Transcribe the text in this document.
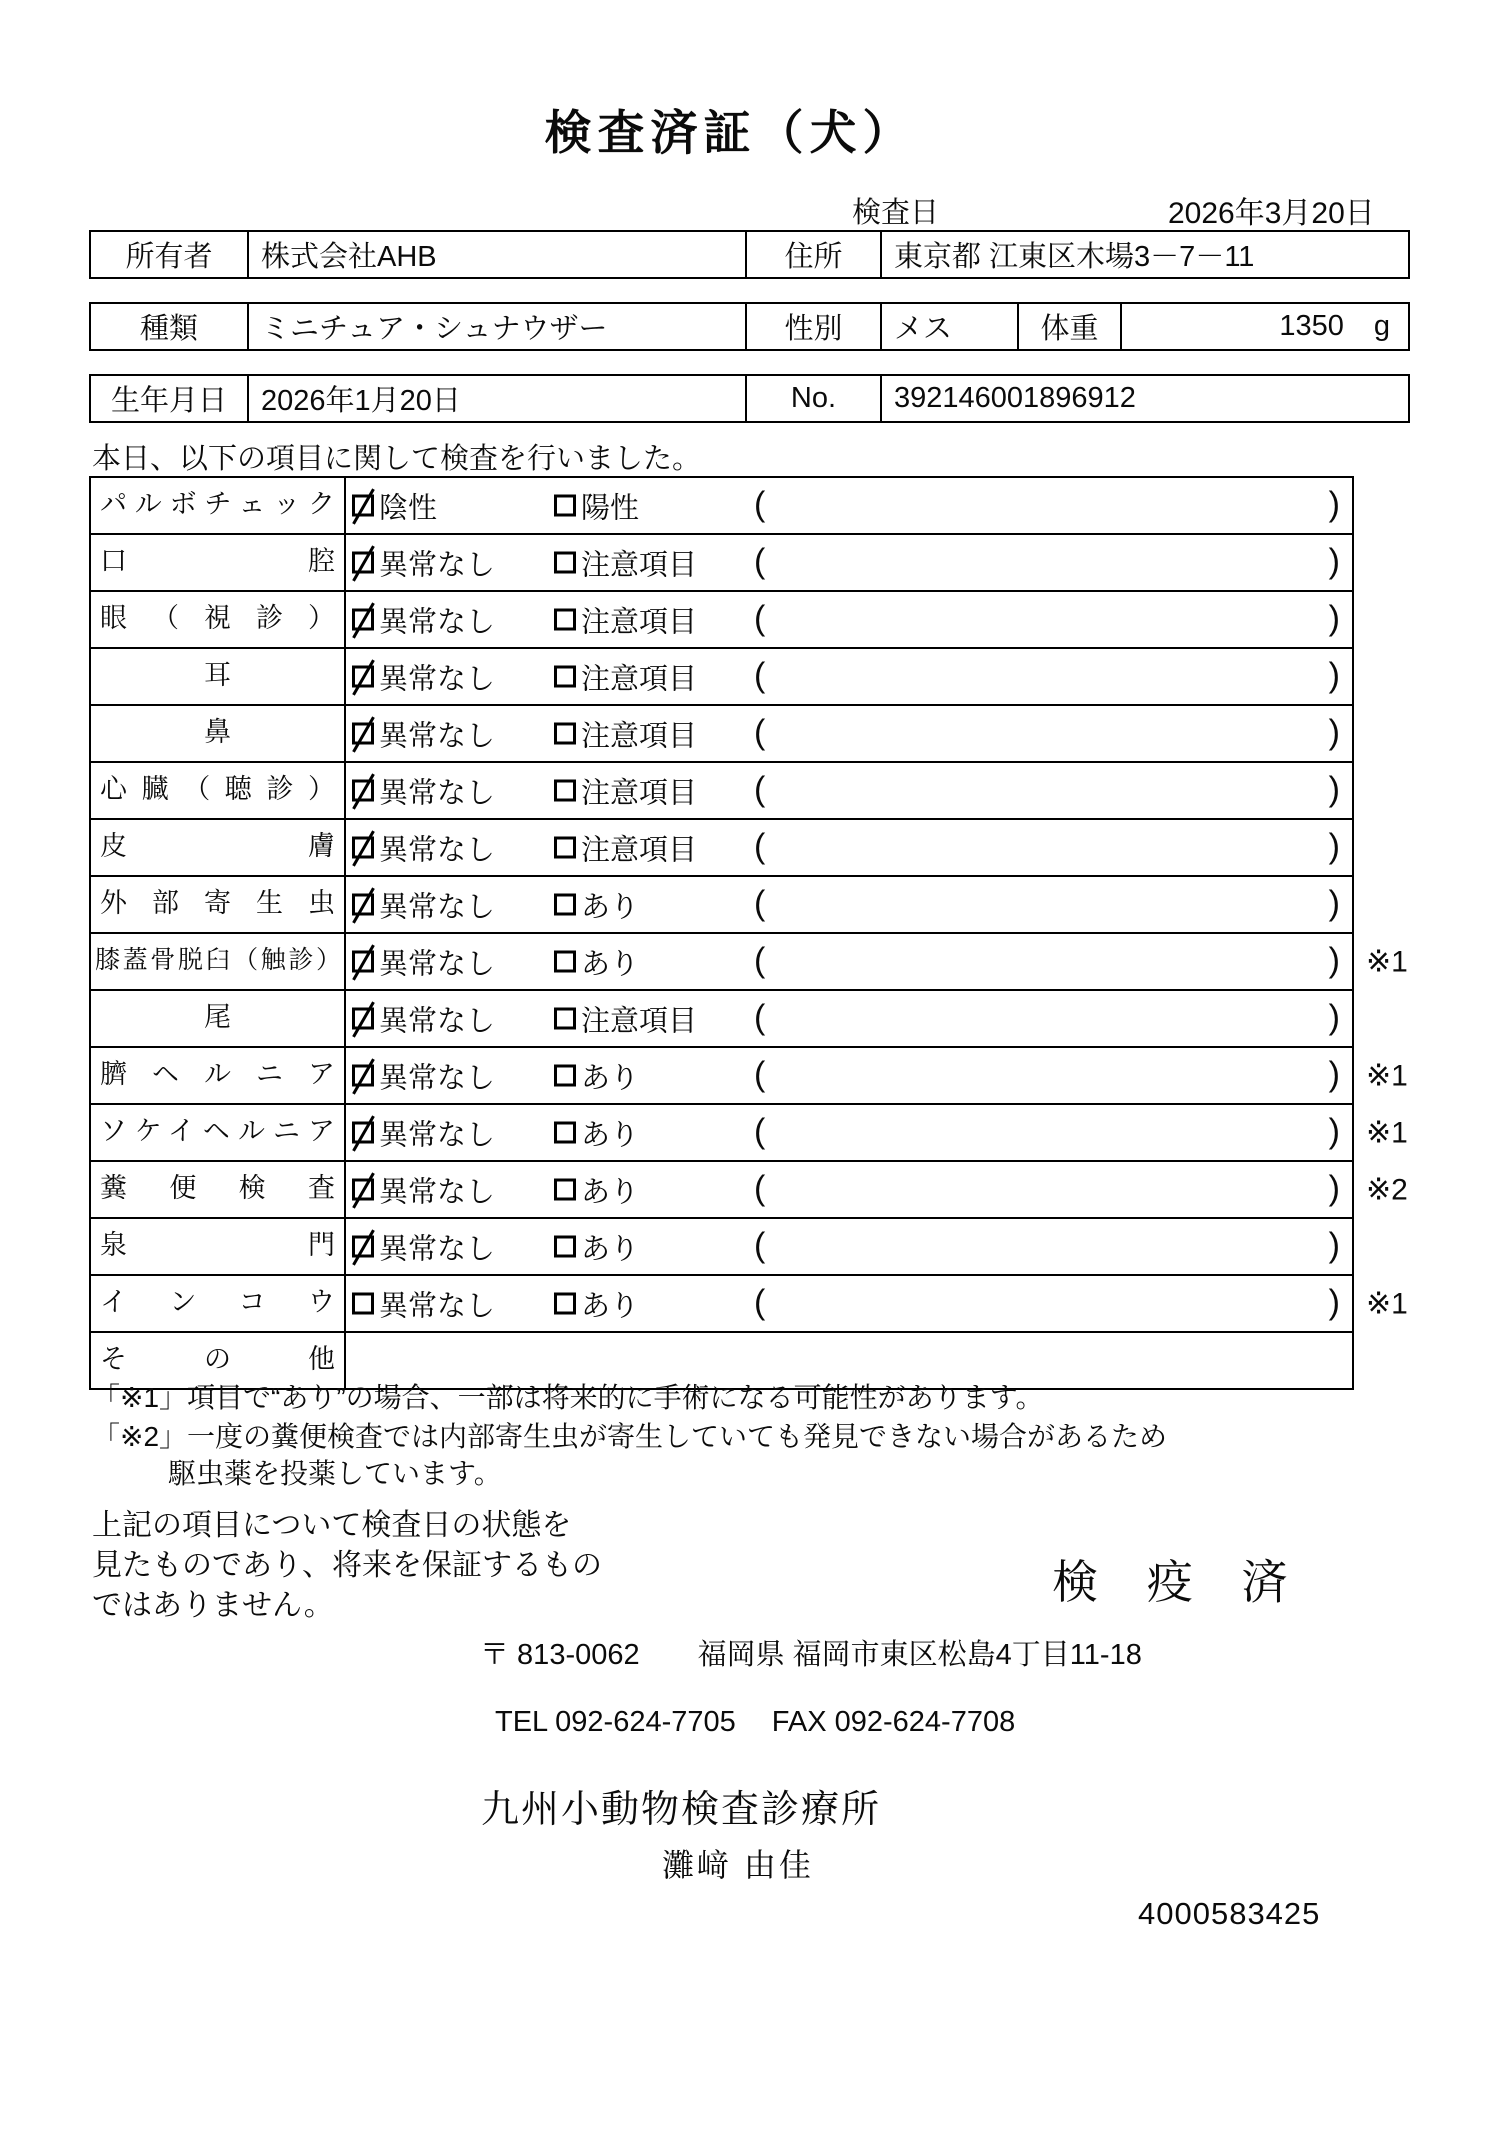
検査済証（犬）
検査日	2026年3月20日
所有者	株式会社AHB	住所	東京都 江東区木場3－7－11
種類	ミニチュア・シュナウザー	性別	メス	体重	1350 g
生年月日	2026年1月20日	No.	392146001896912
本日、以下の項目に関して検査を行いました。
パルボチェック	陰性	陽性	(	)
口腔	異常なし	注意項目 (	)
眼（視診）	異常なし	注意項目 (	)
耳	異常なし	注意項目 (	)
鼻	異常なし	注意項目 (	)
心臓（聴診）	異常なし	注意項目 (	)
皮膚	異常なし	注意項目 (	)
外部寄生虫	異常なし	あり	(	)
膝蓋骨脱臼（触診） 異常なし	あり	(	) ※1
尾	異常なし	注意項目 (	)
臍ヘルニア	異常なし	あり	(	) ※1
ソケイヘルニア	異常なし	あり	(	) ※1
糞便検査	異常なし	あり	(	) ※2
泉門	異常なし	あり	(	)
インコウ	異常なし	あり	(	) ※1
その他
「※1」項目で“あり”の場合、一部は将来的に手術になる可能性があります。
「※2」一度の糞便検査では内部寄生虫が寄生していても発見できない場合があるため
駆虫薬を投薬しています。
上記の項目について検査日の状態を
見たものであり、将来を保証するもの
ではありません。	検 疫 済
〒 813-0062 福岡県 福岡市東区松島4丁目11-18
TEL 092-624-7705 FAX 092-624-7708
九州小動物検査診療所
灘﨑 由佳
4000583425
